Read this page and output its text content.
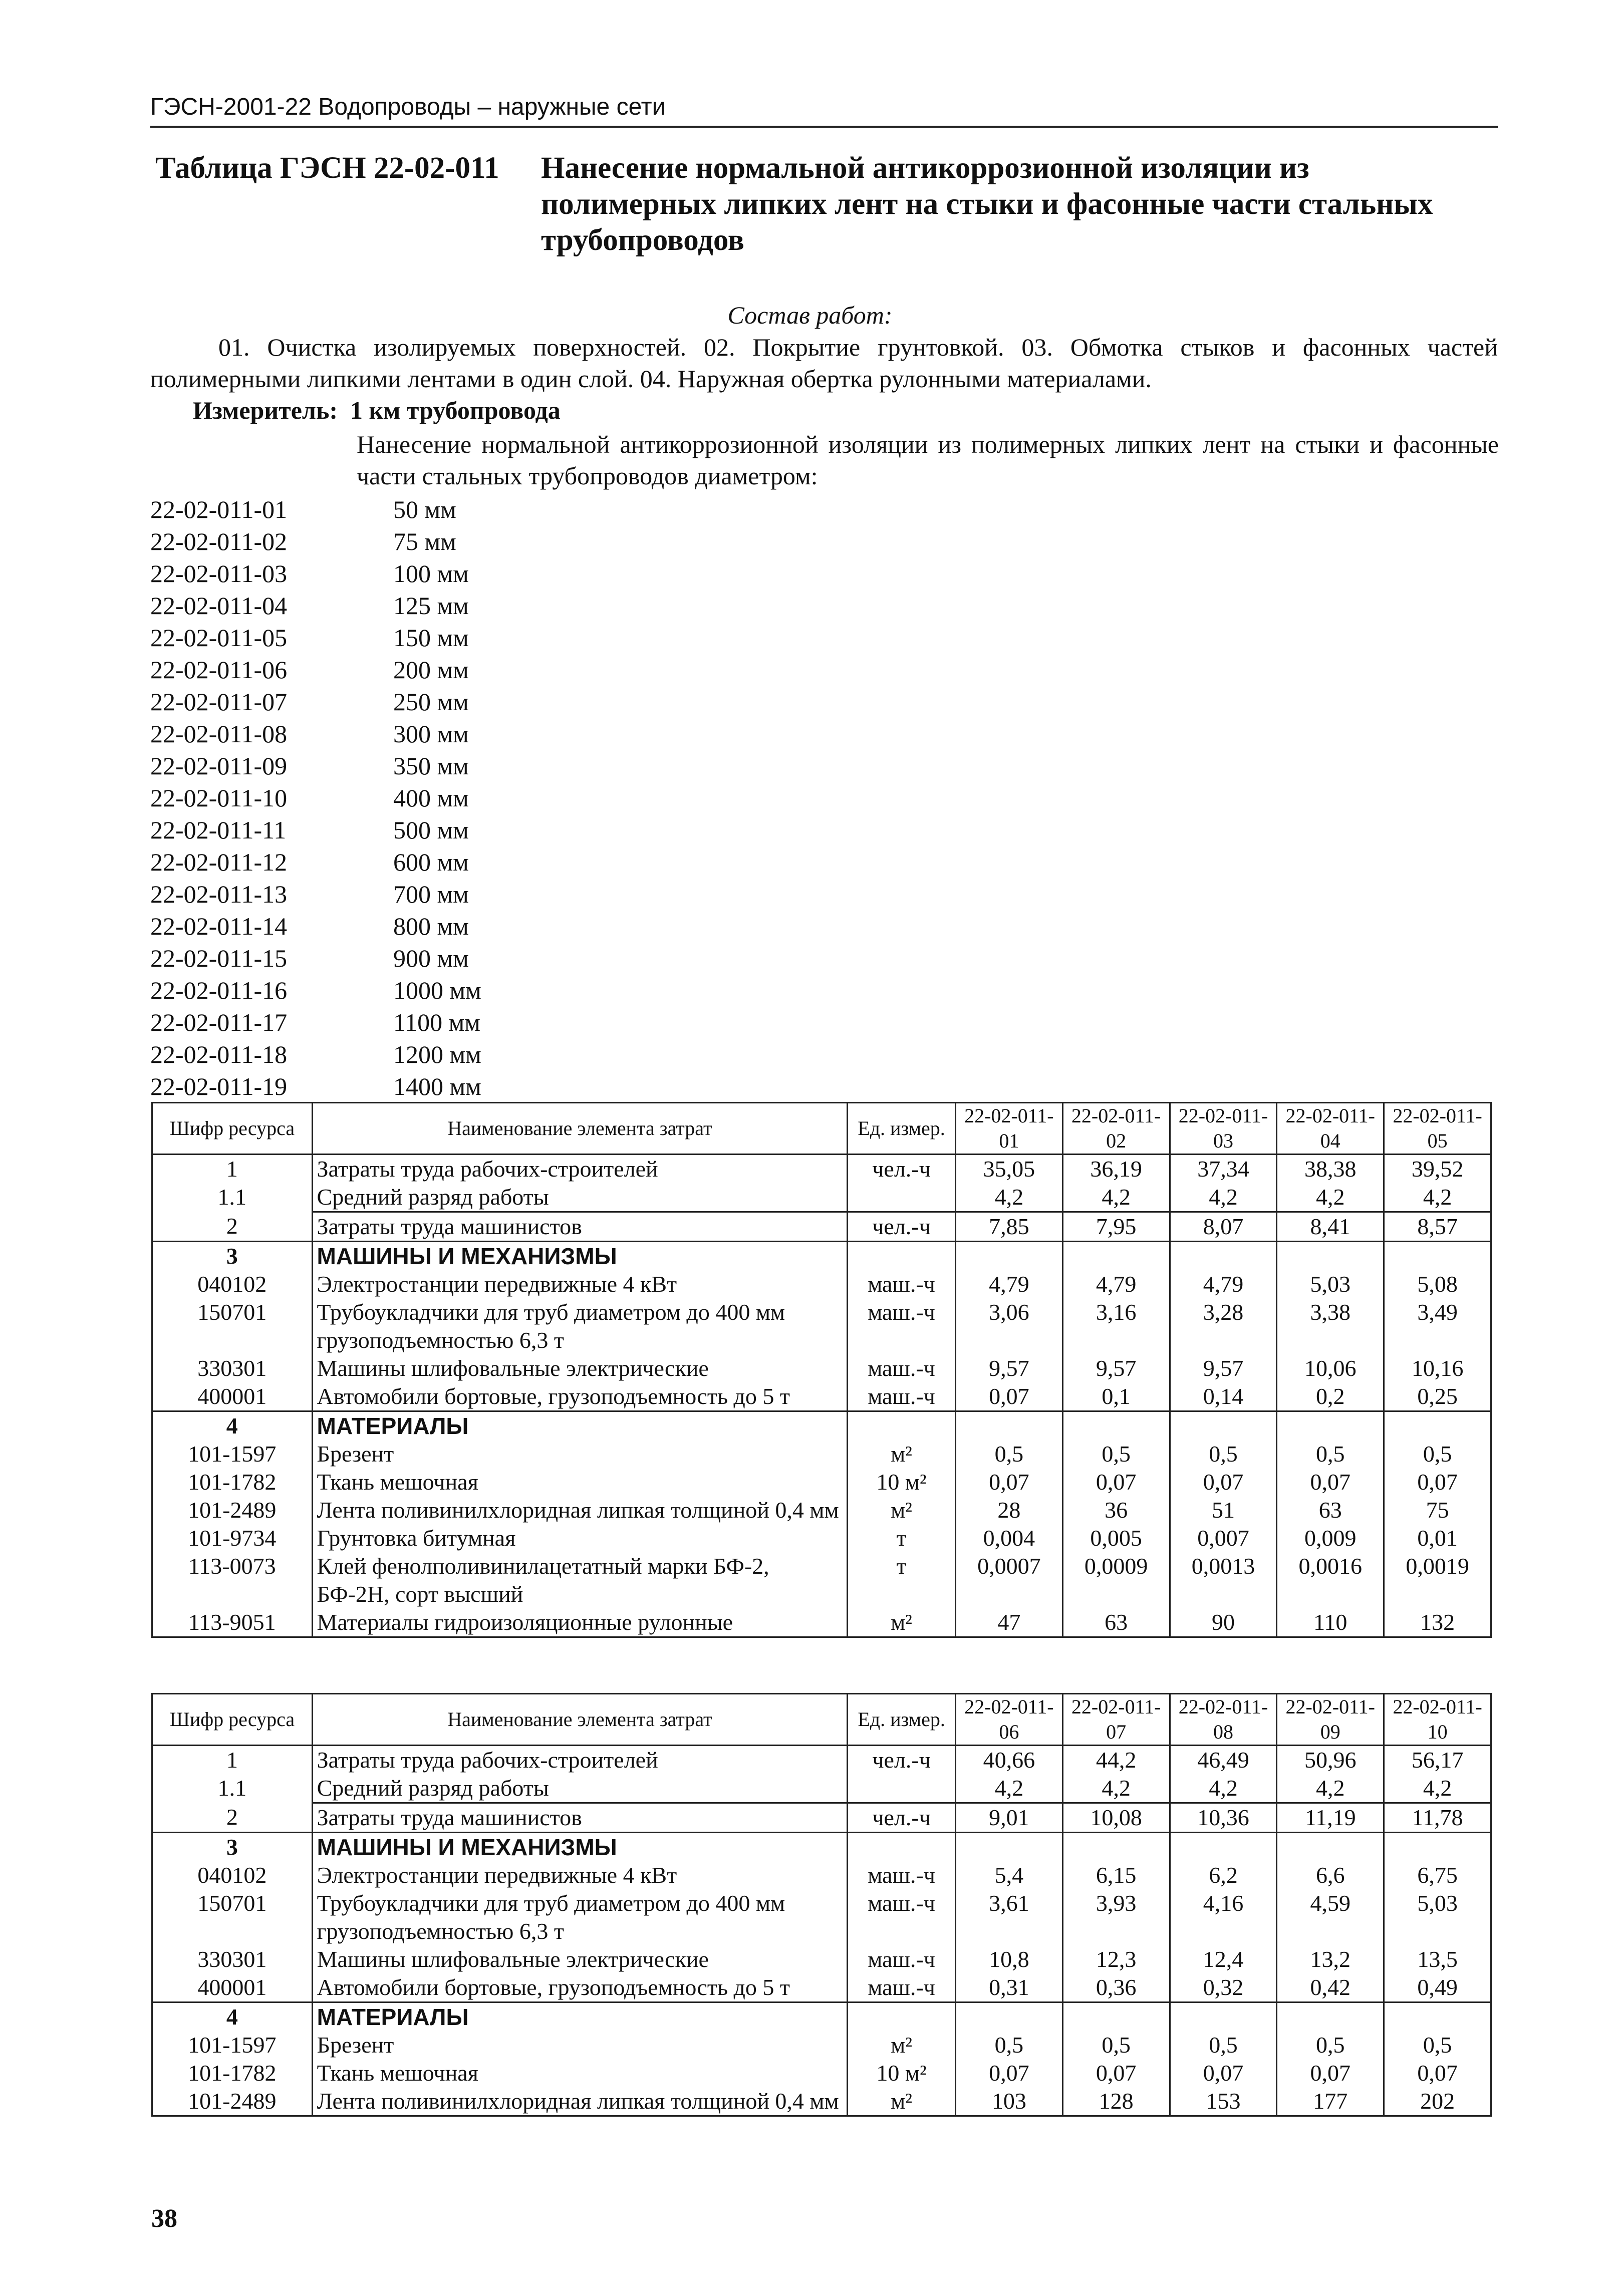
ГЭСН-2001-22 Водопроводы – наружные сети
Таблица ГЭСН 22-02-011 Нанесение нормальной антикоррозионной изоляции из полимерных липких лент на стыки и фасонные части стальных трубопроводов
Состав работ:
01. Очистка изолируемых поверхностей. 02. Покрытие грунтовкой. 03. Обмотка стыков и фасонных частей полимерными липкими лентами в один слой. 04. Наружная обертка рулонными материалами.
Измеритель: 1 км трубопровода
Нанесение нормальной антикоррозионной изоляции из полимерных липких лент на стыки и фасонные части стальных трубопроводов диаметром:
22-02-011-01	50 мм
22-02-011-02	75 мм
22-02-011-03	100 мм
22-02-011-04	125 мм
22-02-011-05	150 мм
22-02-011-06	200 мм
22-02-011-07	250 мм
22-02-011-08	300 мм
22-02-011-09	350 мм
22-02-011-10	400 мм
22-02-011-11	500 мм
22-02-011-12	600 мм
22-02-011-13	700 мм
22-02-011-14	800 мм
22-02-011-15	900 мм
22-02-011-16	1000 мм
22-02-011-17	1100 мм
22-02-011-18	1200 мм
22-02-011-19	1400 мм
Шифр ресурса	Наименование элемента затрат	Ед. измер.	22-02-011-01	22-02-011-02	22-02-011-03	22-02-011-04	22-02-011-05
1	Затраты труда рабочих-строителей	чел.-ч	35,05	36,19	37,34	38,38	39,52
1.1	Средний разряд работы		4,2	4,2	4,2	4,2	4,2
2	Затраты труда машинистов	чел.-ч	7,85	7,95	8,07	8,41	8,57
3	МАШИНЫ И МЕХАНИЗМЫ						
040102	Электростанции передвижные 4 кВт	маш.-ч	4,79	4,79	4,79	5,03	5,08
150701	Трубоукладчики для труб диаметром до 400 мм грузоподъемностью 6,3 т	маш.-ч	3,06	3,16	3,28	3,38	3,49
330301	Машины шлифовальные электрические	маш.-ч	9,57	9,57	9,57	10,06	10,16
400001	Автомобили бортовые, грузоподъемность до 5 т	маш.-ч	0,07	0,1	0,14	0,2	0,25
4	МАТЕРИАЛЫ						
101-1597	Брезент	м²	0,5	0,5	0,5	0,5	0,5
101-1782	Ткань мешочная	10 м²	0,07	0,07	0,07	0,07	0,07
101-2489	Лента поливинилхлоридная липкая толщиной 0,4 мм	м²	28	36	51	63	75
101-9734	Грунтовка битумная	т	0,004	0,005	0,007	0,009	0,01
113-0073	Клей фенолполивинилацетатный марки БФ-2, БФ-2Н, сорт высший	т	0,0007	0,0009	0,0013	0,0016	0,0019
113-9051	Материалы гидроизоляционные рулонные	м²	47	63	90	110	132
Шифр ресурса	Наименование элемента затрат	Ед. измер.	22-02-011-06	22-02-011-07	22-02-011-08	22-02-011-09	22-02-011-10
1	Затраты труда рабочих-строителей	чел.-ч	40,66	44,2	46,49	50,96	56,17
1.1	Средний разряд работы		4,2	4,2	4,2	4,2	4,2
2	Затраты труда машинистов	чел.-ч	9,01	10,08	10,36	11,19	11,78
3	МАШИНЫ И МЕХАНИЗМЫ						
040102	Электростанции передвижные 4 кВт	маш.-ч	5,4	6,15	6,2	6,6	6,75
150701	Трубоукладчики для труб диаметром до 400 мм грузоподъемностью 6,3 т	маш.-ч	3,61	3,93	4,16	4,59	5,03
330301	Машины шлифовальные электрические	маш.-ч	10,8	12,3	12,4	13,2	13,5
400001	Автомобили бортовые, грузоподъемность до 5 т	маш.-ч	0,31	0,36	0,32	0,42	0,49
4	МАТЕРИАЛЫ						
101-1597	Брезент	м²	0,5	0,5	0,5	0,5	0,5
101-1782	Ткань мешочная	10 м²	0,07	0,07	0,07	0,07	0,07
101-2489	Лента поливинилхлоридная липкая толщиной 0,4 мм	м²	103	128	153	177	202
38
